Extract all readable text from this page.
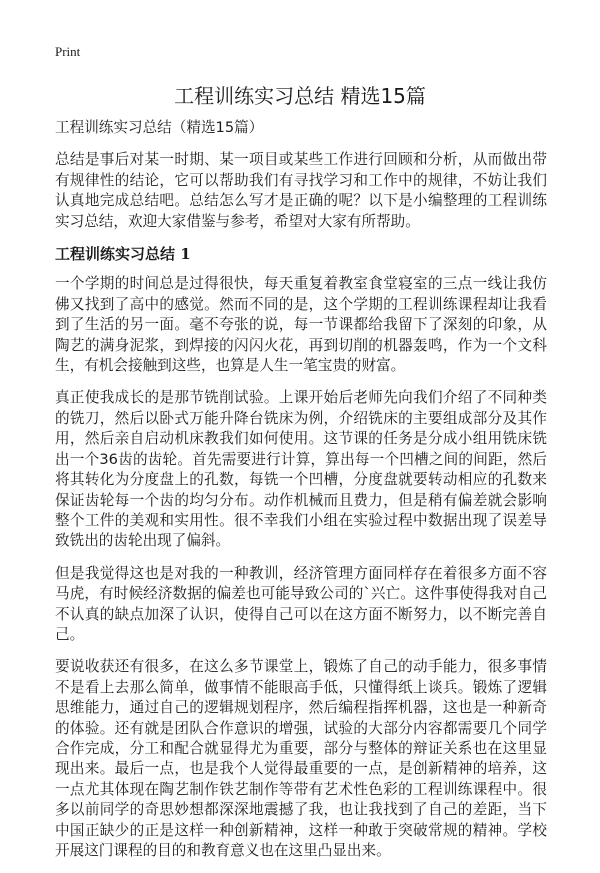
Print
工程训练实习总结 精选15篇

工程训练实习总结（精选15篇）

总结是事后对某一时期、某一项目或某些工作进行回顾和分析，从而做出带有规律性的结论，它可以帮助我们有寻找学习和工作中的规律，不妨让我们认真地完成总结吧。总结怎么写才是正确的呢？以下是小编整理的工程训练实习总结，欢迎大家借鉴与参考，希望对大家有所帮助。

工程训练实习总结 1

一个学期的时间总是过得很快，每天重复着教室食堂寝室的三点一线让我仿佛又找到了高中的感觉。然而不同的是，这个学期的工程训练课程却让我看到了生活的另一面。毫不夸张的说，每一节课都给我留下了深刻的印象，从陶艺的满身泥浆，到焊接的闪闪火花，再到切削的机器轰鸣，作为一个文科生，有机会接触到这些，也算是人生一笔宝贵的财富。

真正使我成长的是那节铣削试验。上课开始后老师先向我们介绍了不同种类的铣刀，然后以卧式万能升降台铣床为例，介绍铣床的主要组成部分及其作用，然后亲自启动机床教我们如何使用。这节课的任务是分成小组用铣床铣出一个36齿的齿轮。首先需要进行计算，算出每一个凹槽之间的间距，然后将其转化为分度盘上的孔数，每铣一个凹槽，分度盘就要转动相应的孔数来保证齿轮每一个齿的均匀分布。动作机械而且费力，但是稍有偏差就会影响整个工件的美观和实用性。很不幸我们小组在实验过程中数据出现了误差导致铣出的齿轮出现了偏斜。

但是我觉得这也是对我的一种教训，经济管理方面同样存在着很多方面不容马虎，有时候经济数据的偏差也可能导致公司的`兴亡。这件事使得我对自己不认真的缺点加深了认识，使得自己可以在这方面不断努力，以不断完善自己。

要说收获还有很多，在这么多节课堂上，锻炼了自己的动手能力，很多事情不是看上去那么简单，做事情不能眼高手低，只懂得纸上谈兵。锻炼了逻辑思维能力，通过自己的逻辑规划程序，然后编程指挥机器，这也是一种新奇的体验。还有就是团队合作意识的增强，试验的大部分内容都需要几个同学合作完成，分工和配合就显得尤为重要，部分与整体的辩证关系也在这里显现出来。最后一点，也是我个人觉得最重要的一点，是创新精神的培养，这一点尤其体现在陶艺制作铁艺制作等带有艺术性色彩的工程训练课程中。很多以前同学的奇思妙想都深深地震撼了我，也让我找到了自己的差距，当下中国正缺少的正是这样一种创新精神，这样一种敢于突破常规的精神。学校开展这门课程的目的和教育意义也在这里凸显出来。
